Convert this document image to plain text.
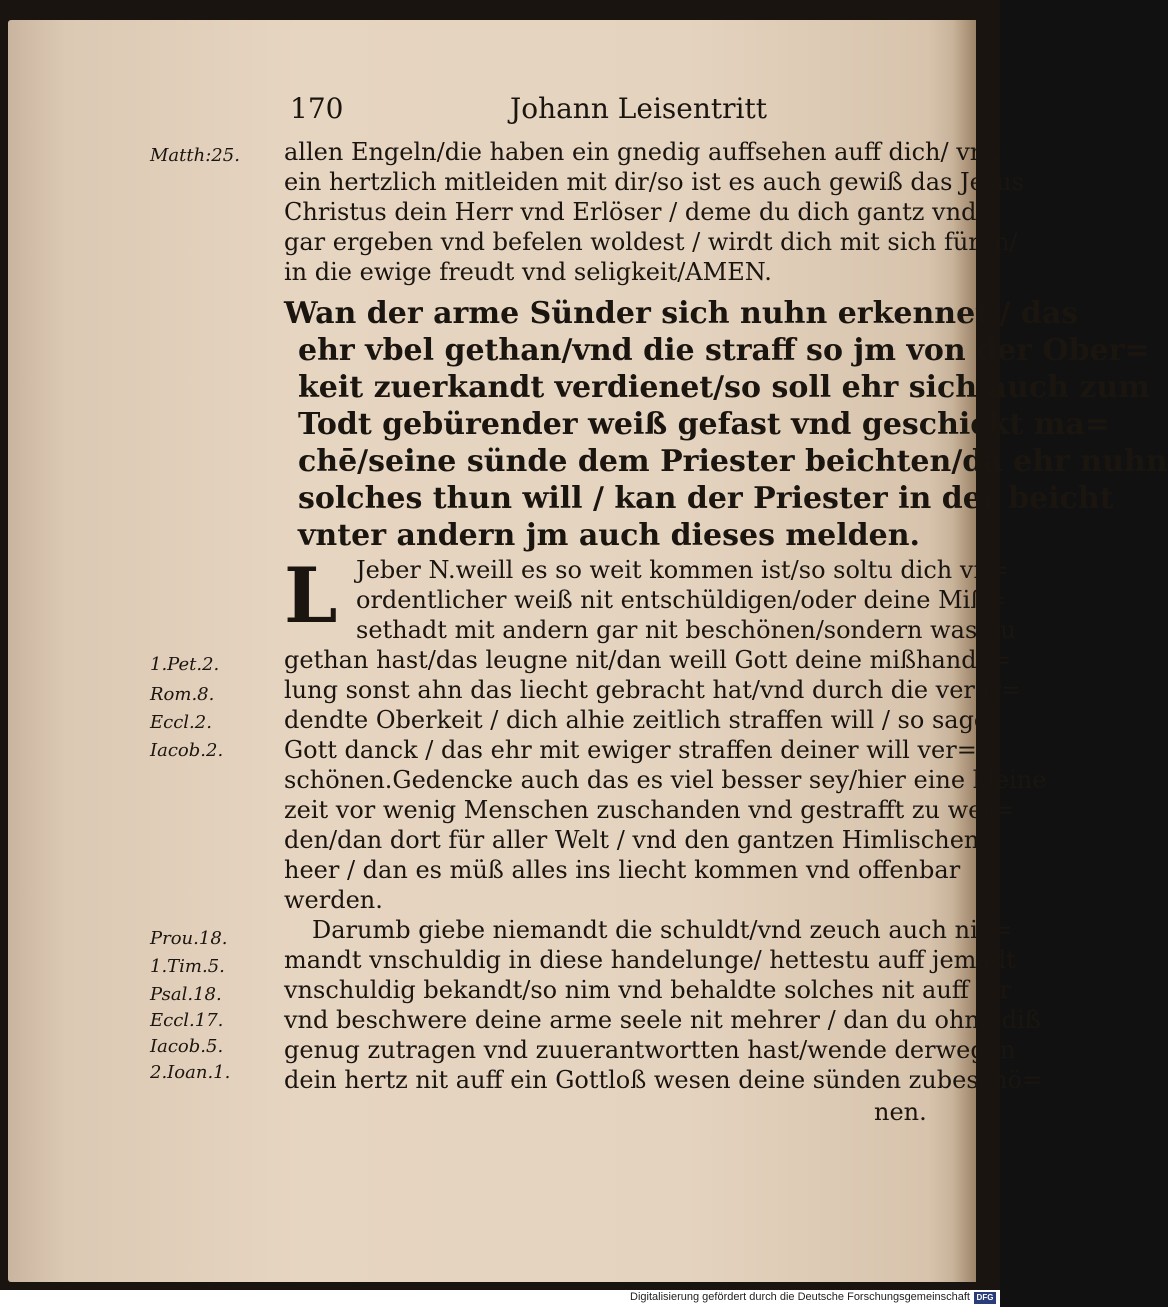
170	Johann Leisentritt
Matth:25.
1.Pet.2.
Rom.8.
Eccl.2.
Iacob.2.
Prou.18.
1.Tim.5.
Psal.18.
Eccl.17.
Iacob.5.
2.Ioan.1.
allen Engeln/die haben ein gnedig auffsehen auff dich/ vnd
ein hertzlich mitleiden mit dir/so ist es auch gewiß das Jesus
Christus dein Herr vnd Erlöser / deme du dich gantz vnd
gar ergeben vnd befelen woldest / wirdt dich mit sich füren/
in die ewige freudt vnd seligkeit/AMEN.
Wan der arme Sünder sich nuhn erkennet / das
ehr vbel gethan/vnd die straff so jm von der Ober=
keit zuerkandt verdienet/so soll ehr sich auch zum
Todt gebürender weiß gefast vnd geschickt ma=
chē/seine sünde dem Priester beichten/da ehr nuhn
solches thun will / kan der Priester in der beicht
vnter andern jm auch dieses melden.
L Jeber N.weill es so weit kommen ist/so soltu dich vn=
ordentlicher weiß nit entschüldigen/oder deine Miß=
sethadt mit andern gar nit beschönen/sondern was du
gethan hast/das leugne nit/dan weill Gott deine mißhande=
lung sonst ahn das liecht gebracht hat/vnd durch die veror=
dendte Oberkeit / dich alhie zeitlich straffen will / so sage
Gott danck / das ehr mit ewiger straffen deiner will ver=
schönen.Gedencke auch das es viel besser sey/hier eine kleine
zeit vor wenig Menschen zuschanden vnd gestrafft zu wer=
den/dan dort für aller Welt / vnd den gantzen Himlischen
heer / dan es müß alles ins liecht kommen vnd offenbar
werden.
Darumb giebe niemandt die schuldt/vnd zeuch auch nie=
mandt vnschuldig in diese handelunge/ hettestu auff jemādt
vnschuldig bekandt/so nim vnd behaldte solches nit auff dir
vnd beschwere deine arme seele nit mehrer / dan du ohne diß
genug zutragen vnd zuuerantwortten hast/wende derwegen
dein hertz nit auff ein Gottloß wesen deine sünden zubeschö=
nen.
Digitalisierung gefördert durch die Deutsche Forschungsgemeinschaft DFG
